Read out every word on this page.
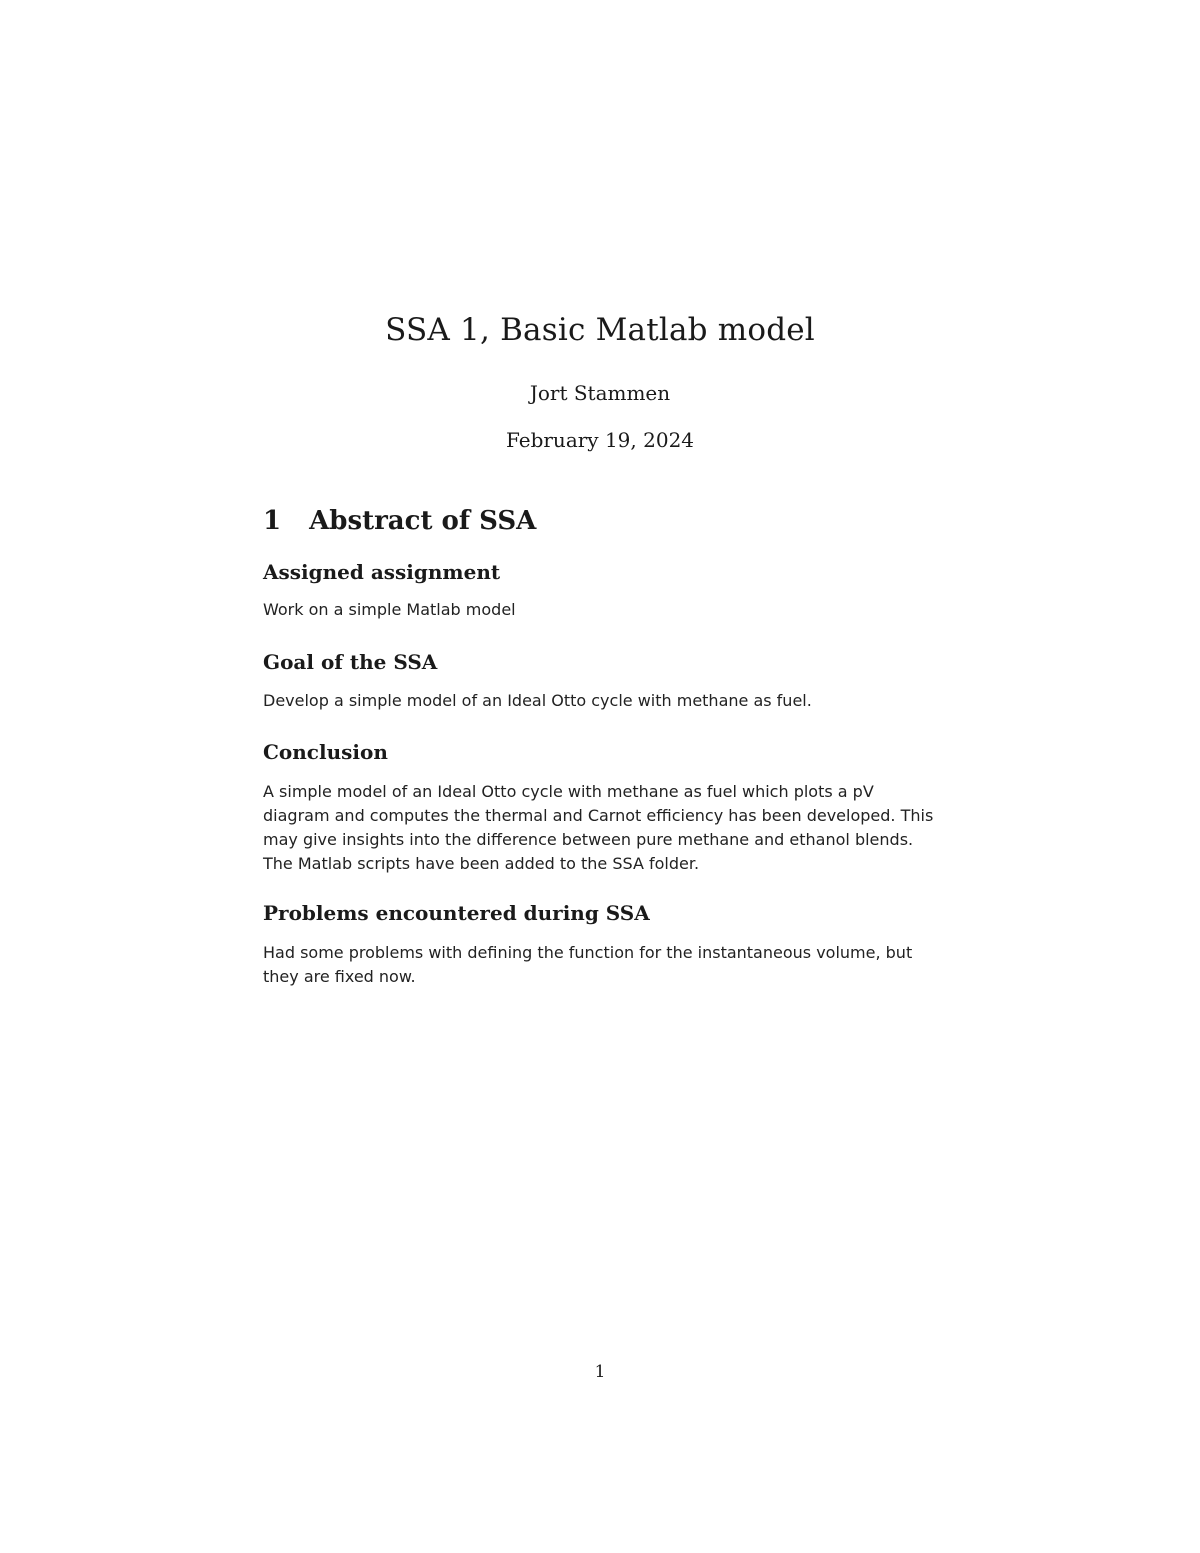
SSA 1, Basic Matlab model

Jort Stammen

February 19, 2024

1 Abstract of SSA
Assigned assignment

Work on a simple Matlab model

Goal of the SSA

Develop a simple model of an Ideal Otto cycle with methane as fuel.

Conclusion

A simple model of an Ideal Otto cycle with methane as fuel which plots a pV diagram and computes the thermal and Carnot efficiency has been developed. This may give insights into the difference between pure methane and ethanol blends. The Matlab scripts have been added to the SSA folder.

Problems encountered during SSA

Had some problems with defining the function for the instantaneous volume, but they are fixed now.

1
